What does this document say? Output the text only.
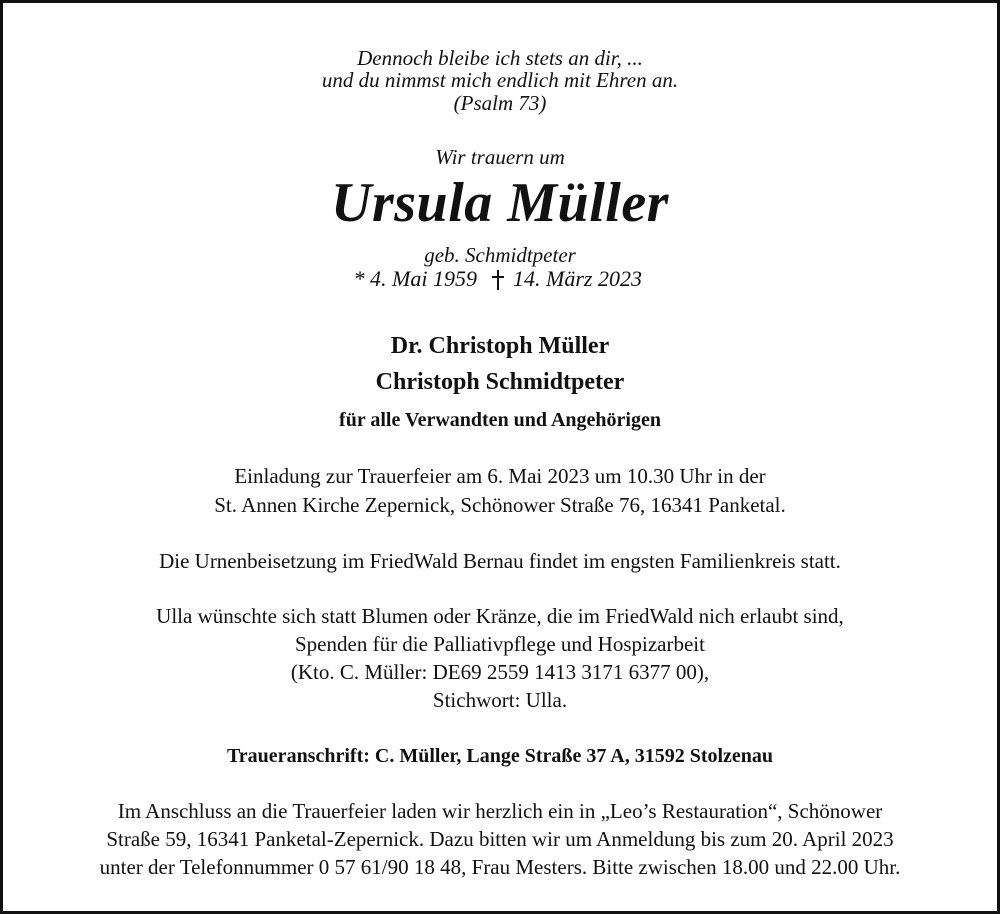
Dennoch bleibe ich stets an dir, ...
und du nimmst mich endlich mit Ehren an.
(Psalm 73)
Wir trauern um
Ursula Müller
geb. Schmidtpeter
* 4. Mai 1959 14. März 2023
Dr. Christoph Müller
Christoph Schmidtpeter
für alle Verwandten und Angehörigen
Einladung zur Trauerfeier am 6. Mai 2023 um 10.30 Uhr in der
St. Annen Kirche Zepernick, Schönower Straße 76, 16341 Panketal.
Die Urnenbeisetzung im FriedWald Bernau findet im engsten Familienkreis statt.
Ulla wünschte sich statt Blumen oder Kränze, die im FriedWald nich erlaubt sind,
Spenden für die Palliativpflege und Hospizarbeit
(Kto. C. Müller: DE69 2559 1413 3171 6377 00),
Stichwort: Ulla.
Traueranschrift: C. Müller, Lange Straße 37 A, 31592 Stolzenau
Im Anschluss an die Trauerfeier laden wir herzlich ein in „Leo’s Restauration“, Schönower
Straße 59, 16341 Panketal-Zepernick. Dazu bitten wir um Anmeldung bis zum 20. April 2023
unter der Telefonnummer 0 57 61/90 18 48, Frau Mesters. Bitte zwischen 18.00 und 22.00 Uhr.
